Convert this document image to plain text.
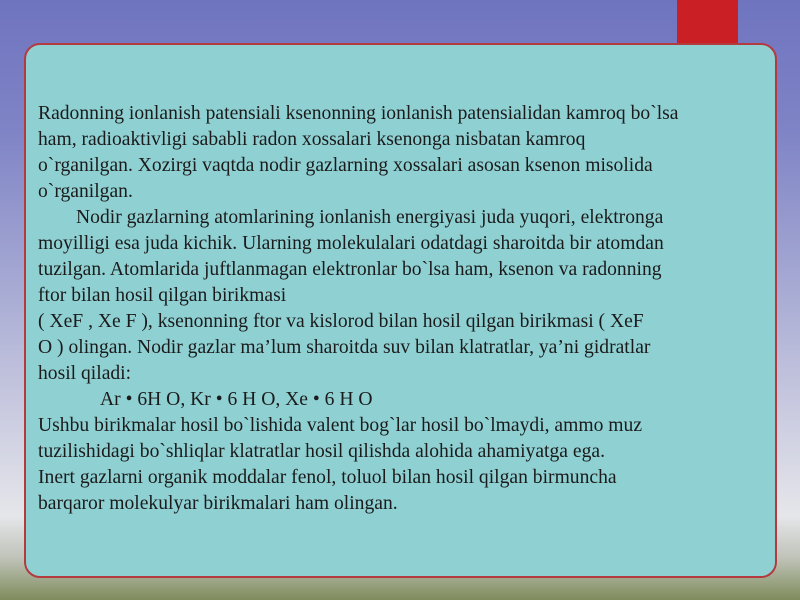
Radonning ionlanish patensiali ksenonning ionlanish patensialidan kamroq bo`lsa
ham, radioaktivligi sababli radon xossalari ksenonga nisbatan kamroq
o`rganilgan. Xozirgi vaqtda nodir gazlarning xossalari asosan ksenon misolida
o`rganilgan.
Nodir gazlarning atomlarining ionlanish energiyasi juda yuqori, elektronga
moyilligi esa juda kichik. Ularning molekulalari odatdagi sharoitda bir atomdan
tuzilgan. Atomlarida juftlanmagan elektronlar bo`lsa ham, ksenon va radonning
ftor bilan hosil qilgan birikmasi
( XeF , Xe F ), ksenonning ftor va kislorod bilan hosil qilgan birikmasi ( XeF
O ) olingan. Nodir gazlar ma’lum sharoitda suv bilan klatratlar, ya’ni gidratlar
hosil qiladi:
Ar • 6H O, Kr • 6 H O, Xe • 6 H O
Ushbu birikmalar hosil bo`lishida valent bog`lar hosil bo`lmaydi, ammo muz
tuzilishidagi bo`shliqlar klatratlar hosil qilishda alohida ahamiyatga ega.
Inert gazlarni organik moddalar fenol, toluol bilan hosil qilgan birmuncha
barqaror molekulyar birikmalari ham olingan.
